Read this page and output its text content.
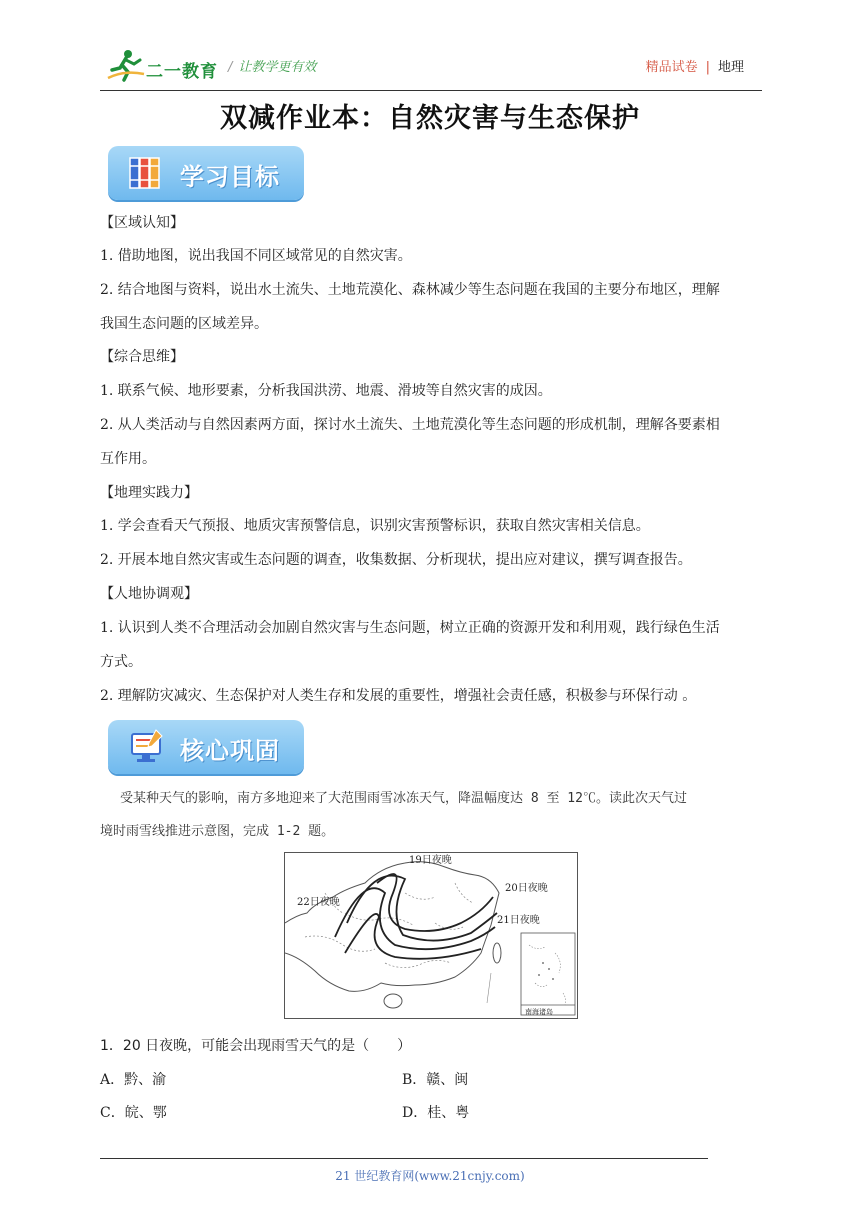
二一教育 / 让教学更有效	精品试卷 | 地理
双减作业本：自然灾害与生态保护
学习目标
【区域认知】
1. 借助地图，说出我国不同区域常见的自然灾害。
2. 结合地图与资料，说出水土流失、土地荒漠化、森林减少等生态问题在我国的主要分布地区，理解
我国生态问题的区域差异。
【综合思维】
1. 联系气候、地形要素，分析我国洪涝、地震、滑坡等自然灾害的成因。
2. 从人类活动与自然因素两方面，探讨水土流失、土地荒漠化等生态问题的形成机制，理解各要素相
互作用。
【地理实践力】
1. 学会查看天气预报、地质灾害预警信息，识别灾害预警标识，获取自然灾害相关信息。
2. 开展本地自然灾害或生态问题的调查，收集数据、分析现状，提出应对建议，撰写调查报告。
【人地协调观】
1. 认识到人类不合理活动会加剧自然灾害与生态问题，树立正确的资源开发和利用观，践行绿色生活
方式。
2. 理解防灾减灾、生态保护对人类生存和发展的重要性，增强社会责任感，积极参与环保行动 。
核心巩固
受某种天气的影响，南方多地迎来了大范围雨雪冰冻天气，降温幅度达 8 至 12℃。读此次天气过
境时雨雪线推进示意图，完成 1-2 题。
19日夜晚
20日夜晚
21日夜晚
22日夜晚
南海诸岛
1．20 日夜晚，可能会出现雨雪天气的是（　　）
A．黔、渝	B．赣、闽
C．皖、鄂	D．桂、粤
21 世纪教育网(www.21cnjy.com)
